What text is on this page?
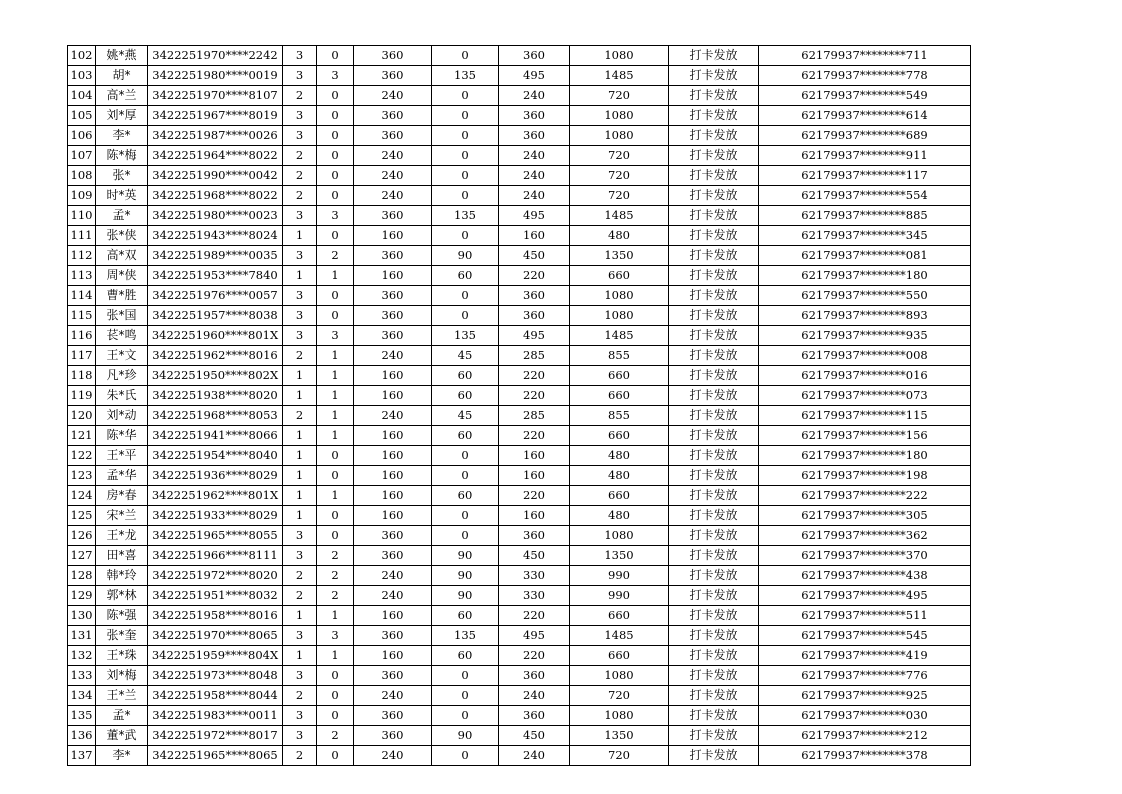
102	姚*燕	3422251970****2242	3	0	360	0	360	1080	打卡发放	62179937********711
103	胡*	3422251980****0019	3	3	360	135	495	1485	打卡发放	62179937********778
104	高*兰	3422251970****8107	2	0	240	0	240	720	打卡发放	62179937********549
105	刘*厚	3422251967****8019	3	0	360	0	360	1080	打卡发放	62179937********614
106	李*	3422251987****0026	3	0	360	0	360	1080	打卡发放	62179937********689
107	陈*梅	3422251964****8022	2	0	240	0	240	720	打卡发放	62179937********911
108	张*	3422251990****0042	2	0	240	0	240	720	打卡发放	62179937********117
109	时*英	3422251968****8022	2	0	240	0	240	720	打卡发放	62179937********554
110	孟*	3422251980****0023	3	3	360	135	495	1485	打卡发放	62179937********885
111	张*侠	3422251943****8024	1	0	160	0	160	480	打卡发放	62179937********345
112	高*双	3422251989****0035	3	2	360	90	450	1350	打卡发放	62179937********081
113	周*侠	3422251953****7840	1	1	160	60	220	660	打卡发放	62179937********180
114	曹*胜	3422251976****0057	3	0	360	0	360	1080	打卡发放	62179937********550
115	张*国	3422251957****8038	3	0	360	0	360	1080	打卡发放	62179937********893
116	苌*鸣	3422251960****801X	3	3	360	135	495	1485	打卡发放	62179937********935
117	王*文	3422251962****8016	2	1	240	45	285	855	打卡发放	62179937********008
118	凡*珍	3422251950****802X	1	1	160	60	220	660	打卡发放	62179937********016
119	朱*氏	3422251938****8020	1	1	160	60	220	660	打卡发放	62179937********073
120	刘*动	3422251968****8053	2	1	240	45	285	855	打卡发放	62179937********115
121	陈*华	3422251941****8066	1	1	160	60	220	660	打卡发放	62179937********156
122	王*平	3422251954****8040	1	0	160	0	160	480	打卡发放	62179937********180
123	孟*华	3422251936****8029	1	0	160	0	160	480	打卡发放	62179937********198
124	房*春	3422251962****801X	1	1	160	60	220	660	打卡发放	62179937********222
125	宋*兰	3422251933****8029	1	0	160	0	160	480	打卡发放	62179937********305
126	王*龙	3422251965****8055	3	0	360	0	360	1080	打卡发放	62179937********362
127	田*喜	3422251966****8111	3	2	360	90	450	1350	打卡发放	62179937********370
128	韩*玲	3422251972****8020	2	2	240	90	330	990	打卡发放	62179937********438
129	郭*林	3422251951****8032	2	2	240	90	330	990	打卡发放	62179937********495
130	陈*强	3422251958****8016	1	1	160	60	220	660	打卡发放	62179937********511
131	张*奎	3422251970****8065	3	3	360	135	495	1485	打卡发放	62179937********545
132	王*珠	3422251959****804X	1	1	160	60	220	660	打卡发放	62179937********419
133	刘*梅	3422251973****8048	3	0	360	0	360	1080	打卡发放	62179937********776
134	王*兰	3422251958****8044	2	0	240	0	240	720	打卡发放	62179937********925
135	孟*	3422251983****0011	3	0	360	0	360	1080	打卡发放	62179937********030
136	董*武	3422251972****8017	3	2	360	90	450	1350	打卡发放	62179937********212
137	李*	3422251965****8065	2	0	240	0	240	720	打卡发放	62179937********378
